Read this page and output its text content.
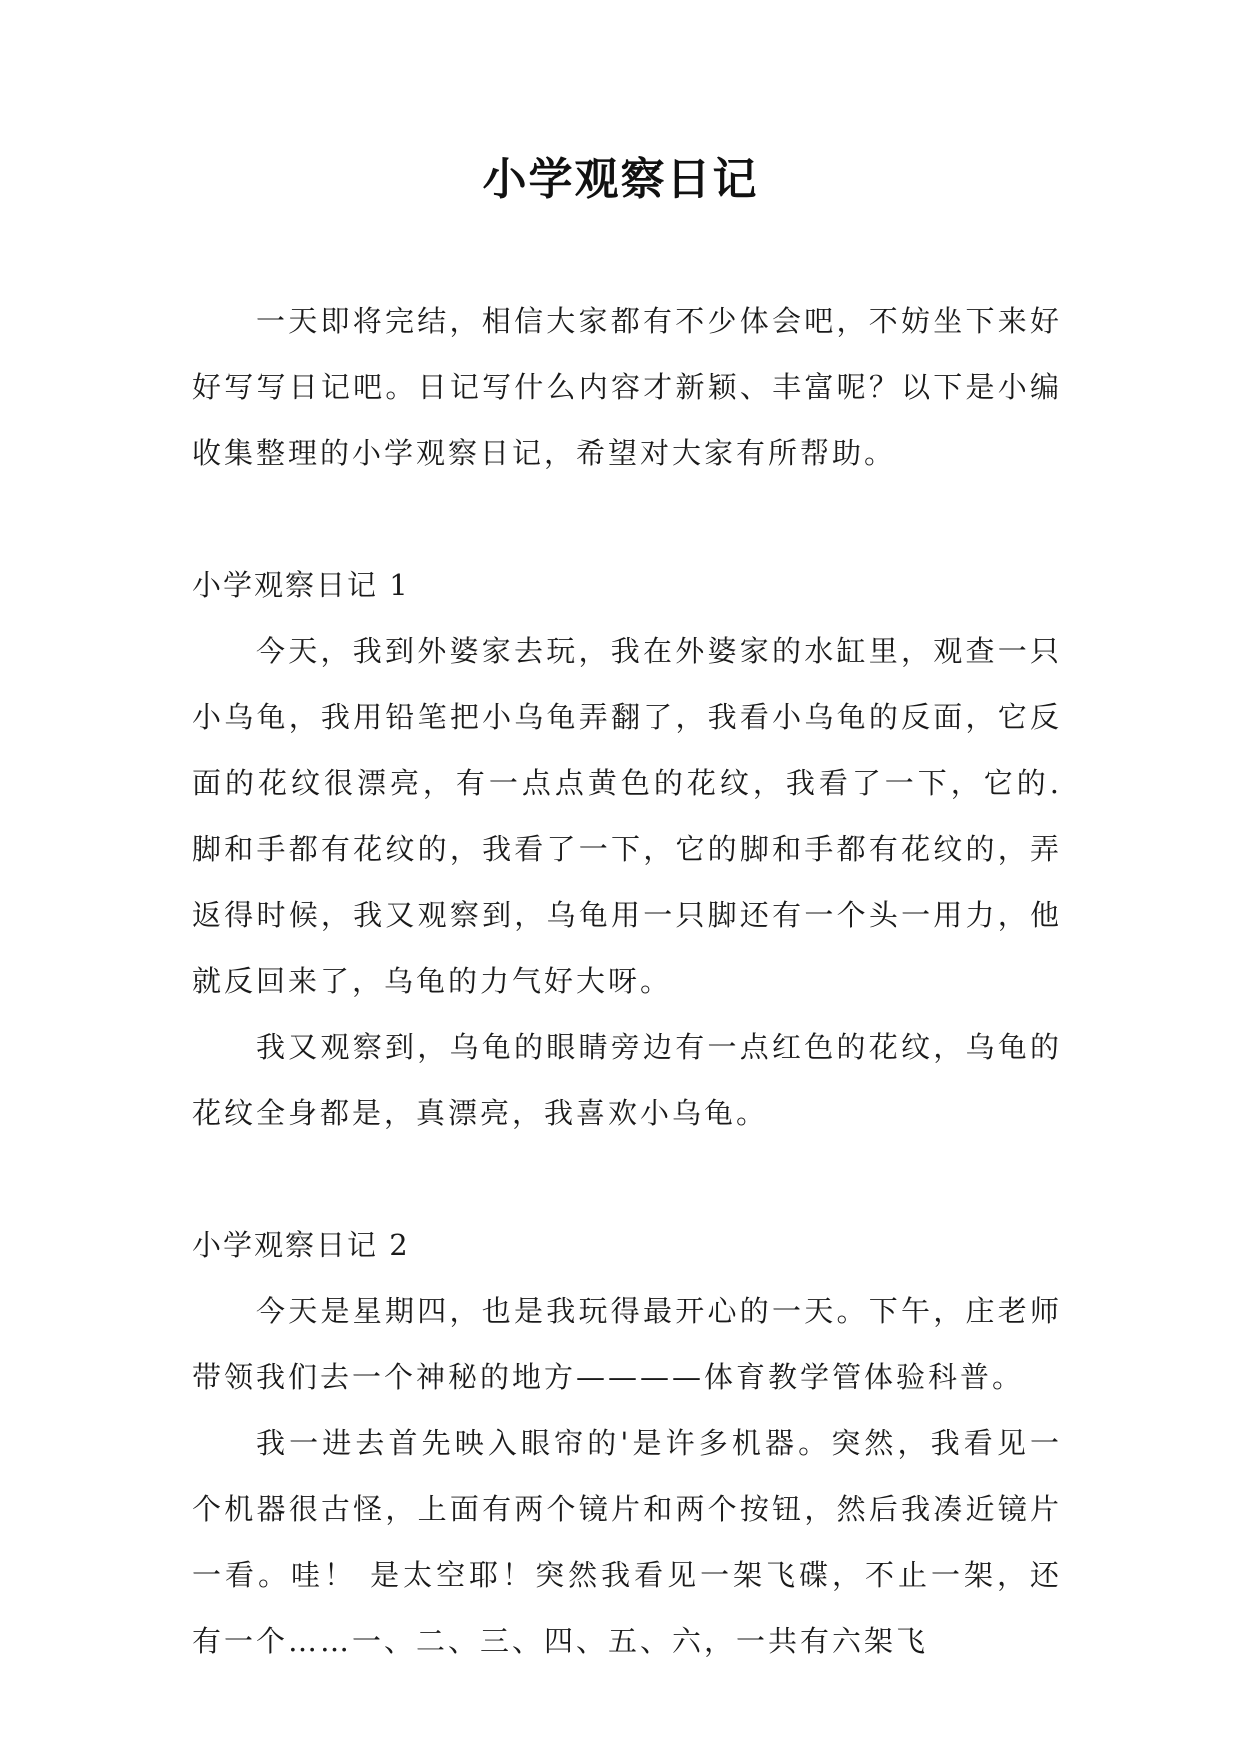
小学观察日记

一天即将完结，相信大家都有不少体会吧，不妨坐下来好好写写日记吧。日记写什么内容才新颖、丰富呢？以下是小编收集整理的小学观察日记，希望对大家有所帮助。

小学观察日记 1

今天，我到外婆家去玩，我在外婆家的水缸里，观查一只小乌龟，我用铅笔把小乌龟弄翻了，我看小乌龟的反面，它反面的花纹很漂亮，有一点点黄色的花纹，我看了一下，它的.脚和手都有花纹的，我看了一下，它的脚和手都有花纹的，弄返得时候，我又观察到，乌龟用一只脚还有一个头一用力，他就反回来了，乌龟的力气好大呀。

我又观察到，乌龟的眼睛旁边有一点红色的花纹，乌龟的花纹全身都是，真漂亮，我喜欢小乌龟。

小学观察日记 2

今天是星期四，也是我玩得最开心的一天。下午，庄老师带领我们去一个神秘的地方————体育教学管体验科普。

我一进去首先映入眼帘的'是许多机器。突然，我看见一个机器很古怪，上面有两个镜片和两个按钮，然后我凑近镜片一看。哇！ 是太空耶！突然我看见一架飞碟，不止一架，还有一个……一、二、三、四、五、六，一共有六架飞
